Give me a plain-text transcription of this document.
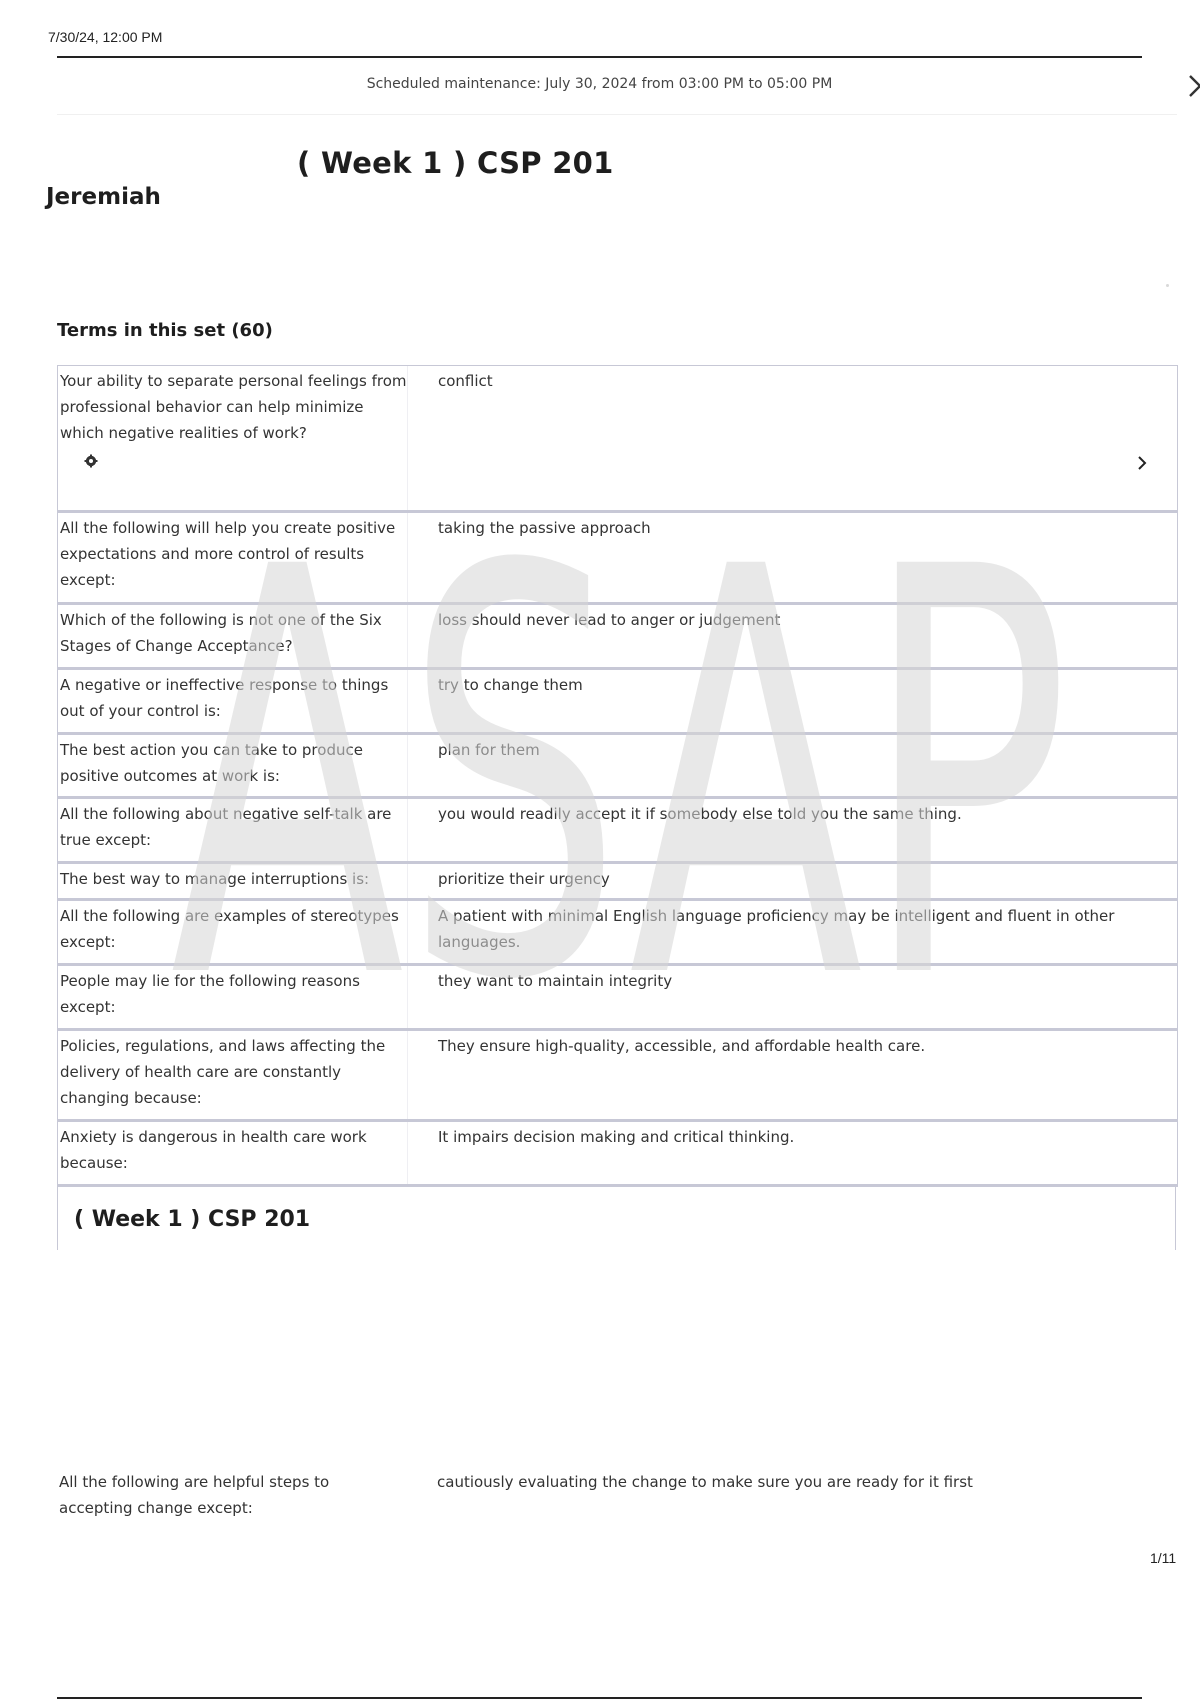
7/30/24, 12:00 PM
Scheduled maintenance: July 30, 2024 from 03:00 PM to 05:00 PM
( Week 1 ) CSP 201
Jeremiah
Terms in this set (60)
Your ability to separate personal feelings from professional behavior can help minimize which negative realities of work?
conflict
All the following will help you create positive expectations and more control of results except:
taking the passive approach
Which of the following is not one of the Six Stages of Change Acceptance?
loss should never lead to anger or judgement
A negative or ineffective response to things out of your control is:
try to change them
The best action you can take to produce positive outcomes at work is:
plan for them
All the following about negative self-talk are true except:
you would readily accept it if somebody else told you the same thing.
The best way to manage interruptions is:	prioritize their urgency
All the following are examples of stereotypes except:
A patient with minimal English language proficiency may be intelligent and fluent in other languages.
People may lie for the following reasons except:
they want to maintain integrity
Policies, regulations, and laws affecting the delivery of health care are constantly changing because:
They ensure high-quality, accessible, and affordable health care.
Anxiety is dangerous in health care work because:
It impairs decision making and critical thinking.
( Week 1 ) CSP 201
All the following are helpful steps to accepting change except:
cautiously evaluating the change to make sure you are ready for it first
1/11
ASAP
